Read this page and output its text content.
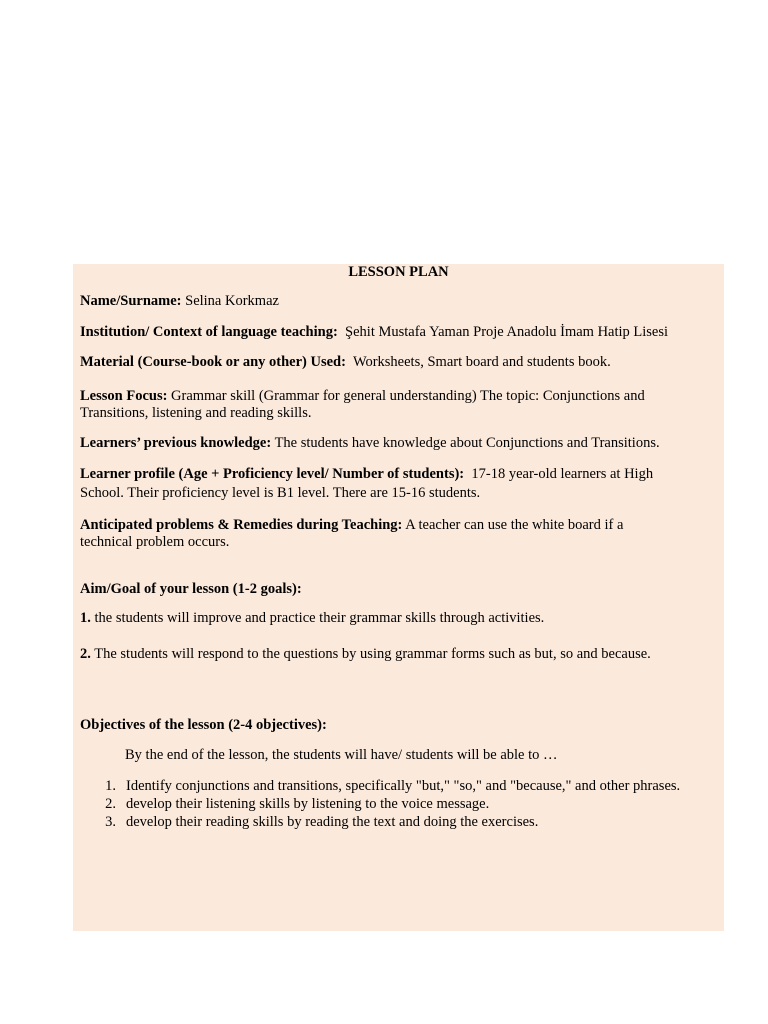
LESSON PLAN
Name/Surname: Selina Korkmaz
Institution/ Context of language teaching: Şehit Mustafa Yaman Proje Anadolu İmam Hatip Lisesi
Material (Course-book or any other) Used: Worksheets, Smart board and students book.
Lesson Focus: Grammar skill (Grammar for general understanding) The topic: Conjunctions and
Transitions, listening and reading skills.
Learners’ previous knowledge: The students have knowledge about Conjunctions and Transitions.
Learner profile (Age + Proficiency level/ Number of students): 17-18 year-old learners at High
School. Their proficiency level is B1 level. There are 15-16 students.
Anticipated problems & Remedies during Teaching: A teacher can use the white board if a
technical problem occurs.
Aim/Goal of your lesson (1-2 goals):
1. the students will improve and practice their grammar skills through activities.
2. The students will respond to the questions by using grammar forms such as but, so and because.
Objectives of the lesson (2-4 objectives):
By the end of the lesson, the students will have/ students will be able to …
1. Identify conjunctions and transitions, specifically "but," "so," and "because," and other phrases.
2. develop their listening skills by listening to the voice message.
3. develop their reading skills by reading the text and doing the exercises.
